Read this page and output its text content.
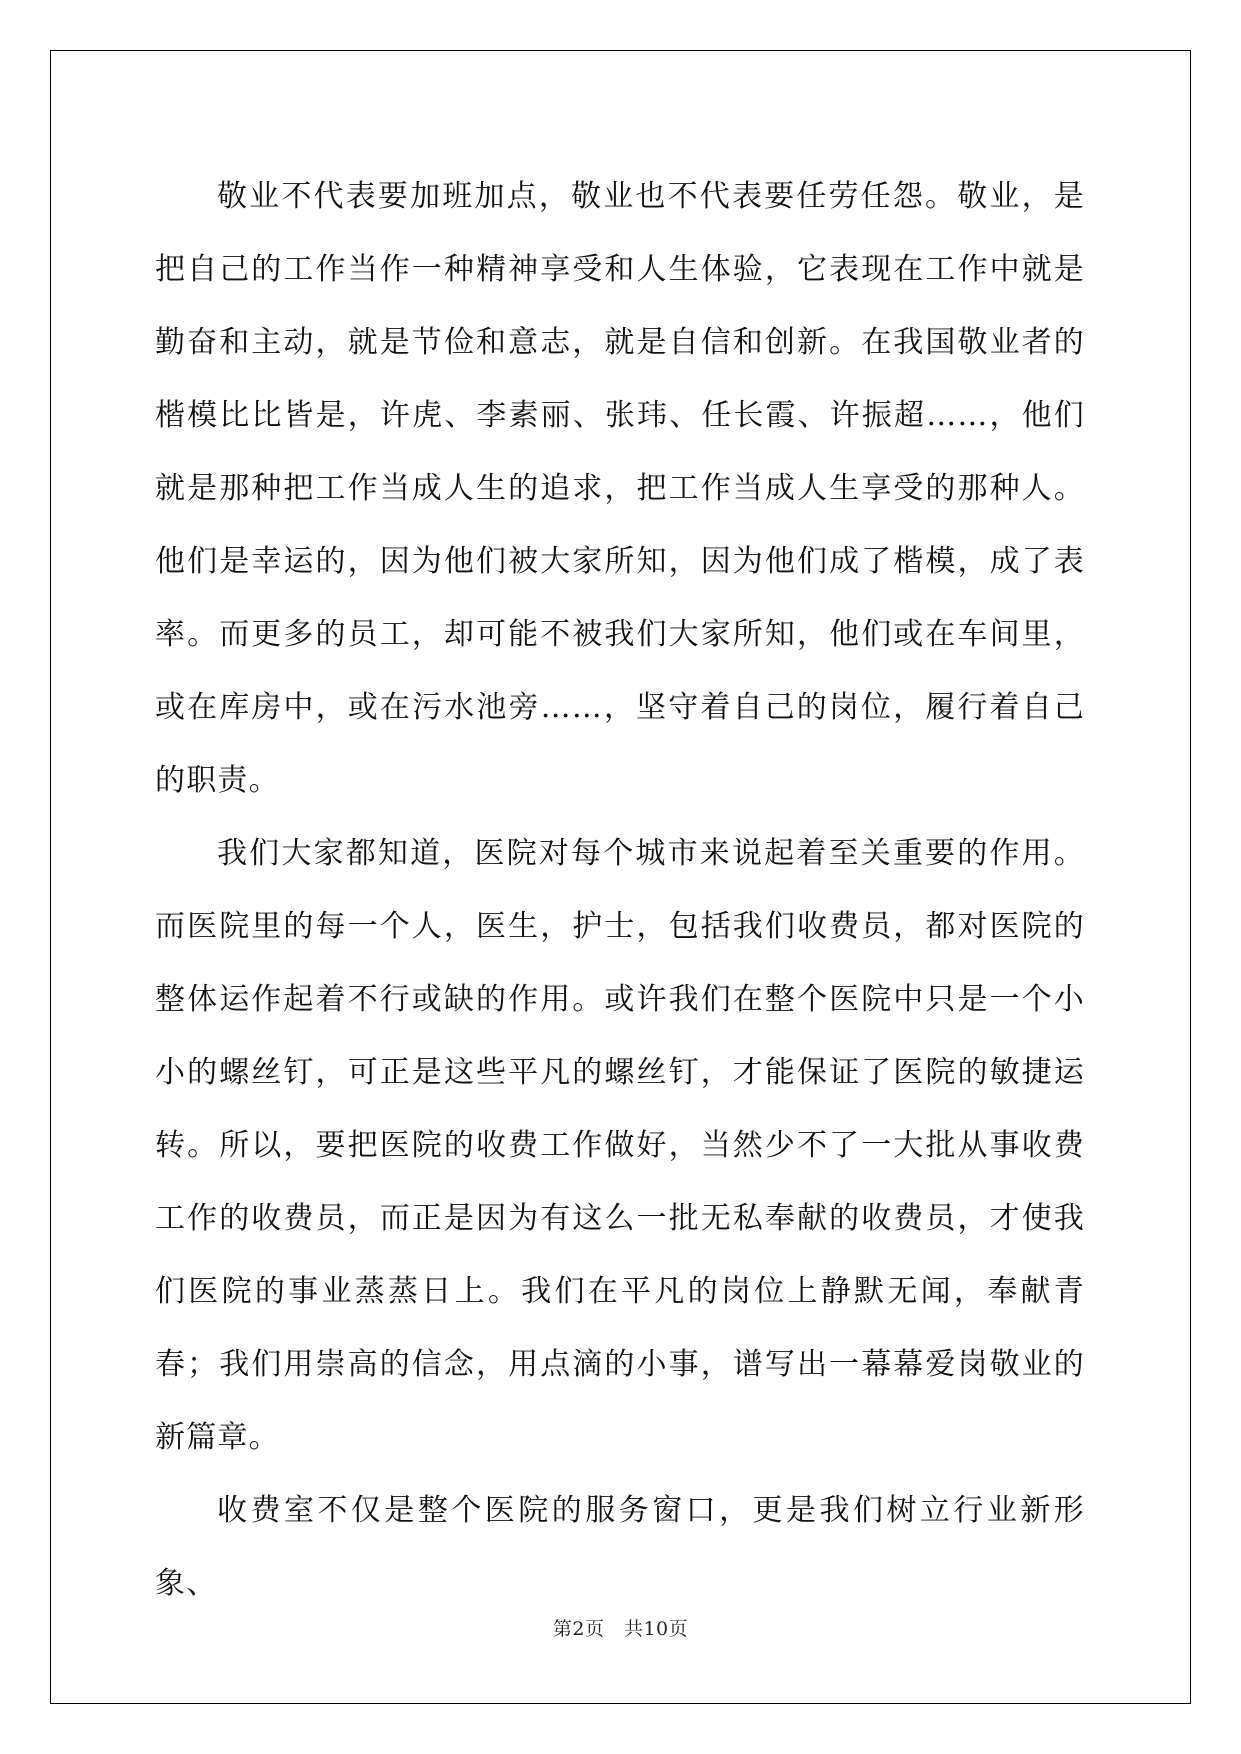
敬业不代表要加班加点，敬业也不代表要任劳任怨。敬业，是把自己的工作当作一种精神享受和人生体验，它表现在工作中就是勤奋和主动，就是节俭和意志，就是自信和创新。在我国敬业者的楷模比比皆是，许虎、李素丽、张玮、任长霞、许振超……，他们就是那种把工作当成人生的追求，把工作当成人生享受的那种人。他们是幸运的，因为他们被大家所知，因为他们成了楷模，成了表率。而更多的员工，却可能不被我们大家所知，他们或在车间里，或在库房中，或在污水池旁……，坚守着自己的岗位，履行着自己的职责。

我们大家都知道，医院对每个城市来说起着至关重要的作用。而医院里的每一个人，医生，护士，包括我们收费员，都对医院的整体运作起着不行或缺的作用。或许我们在整个医院中只是一个小小的螺丝钉，可正是这些平凡的螺丝钉，才能保证了医院的敏捷运转。所以，要把医院的收费工作做好，当然少不了一大批从事收费工作的收费员，而正是因为有这么一批无私奉献的收费员，才使我们医院的事业蒸蒸日上。我们在平凡的岗位上静默无闻，奉献青春；我们用崇高的信念，用点滴的小事，谱写出一幕幕爱岗敬业的新篇章。

收费室不仅是整个医院的服务窗口，更是我们树立行业新形象、

第2页　共10页
